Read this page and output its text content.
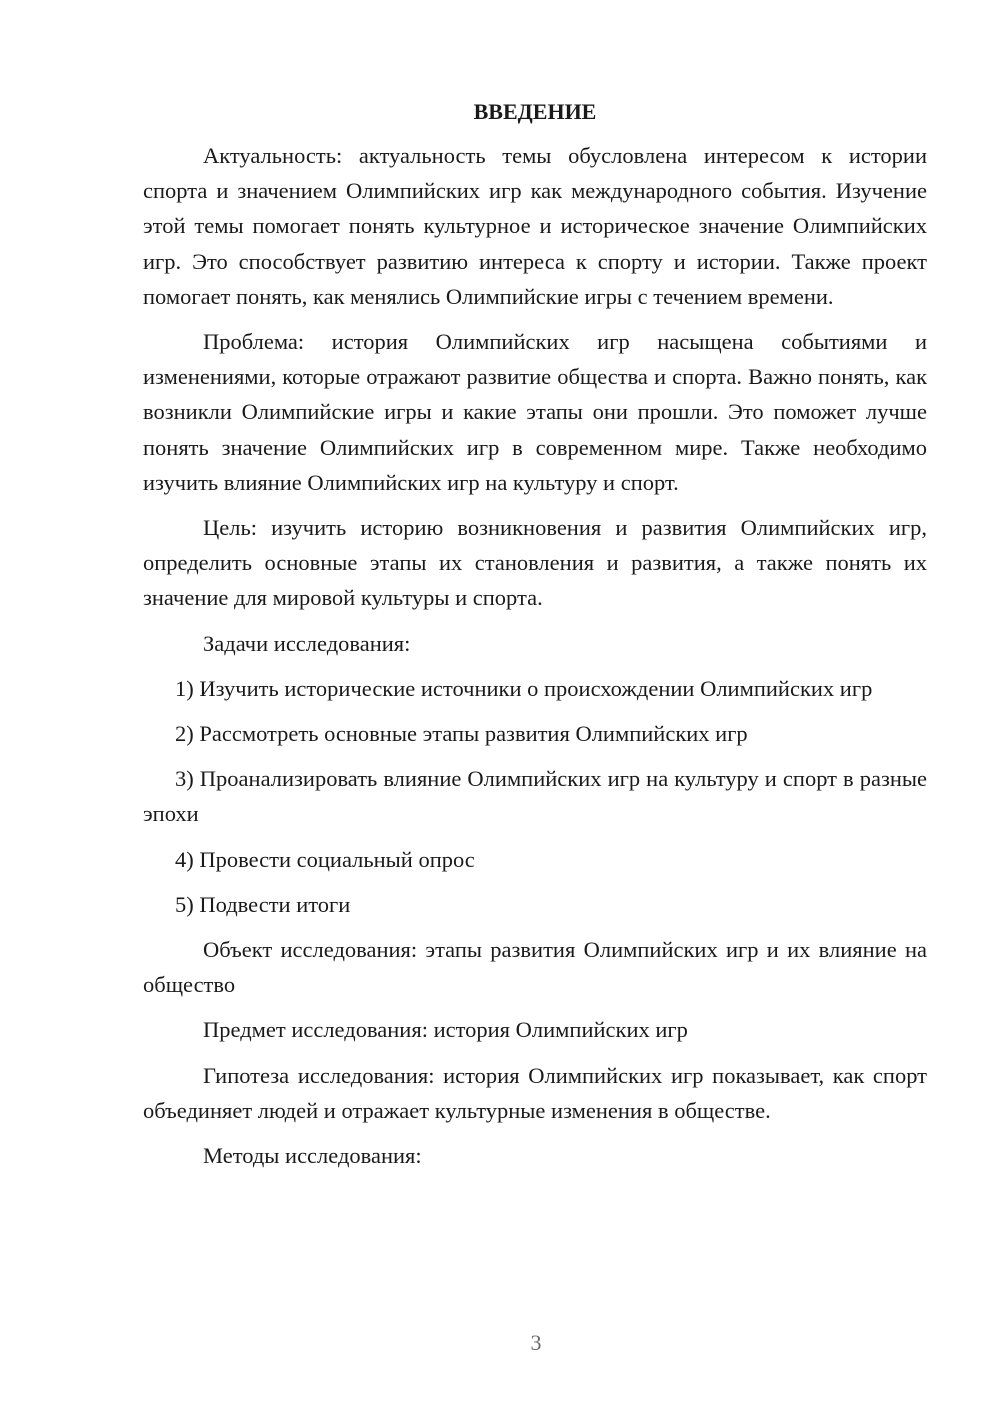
ВВЕДЕНИЕ

Актуальность: актуальность темы обусловлена интересом к истории спорта и значением Олимпийских игр как международного события. Изучение этой темы помогает понять культурное и историческое значение Олимпийских игр. Это способствует развитию интереса к спорту и истории. Также проект помогает понять, как менялись Олимпийские игры с течением времени.

Проблема: история Олимпийских игр насыщена событиями и изменениями, которые отражают развитие общества и спорта. Важно понять, как возникли Олимпийские игры и какие этапы они прошли. Это поможет лучше понять значение Олимпийских игр в современном мире. Также необходимо изучить влияние Олимпийских игр на культуру и спорт.

Цель: изучить историю возникновения и развития Олимпийских игр, определить основные этапы их становления и развития, а также понять их значение для мировой культуры и спорта.

Задачи исследования:

1) Изучить исторические источники о происхождении Олимпийских игр

2) Рассмотреть основные этапы развития Олимпийских игр

3) Проанализировать влияние Олимпийских игр на культуру и спорт в разные эпохи

4) Провести социальный опрос

5) Подвести итоги

Объект исследования: этапы развития Олимпийских игр и их влияние на общество

Предмет исследования: история Олимпийских игр

Гипотеза исследования: история Олимпийских игр показывает, как спорт объединяет людей и отражает культурные изменения в обществе.

Методы исследования:

3
